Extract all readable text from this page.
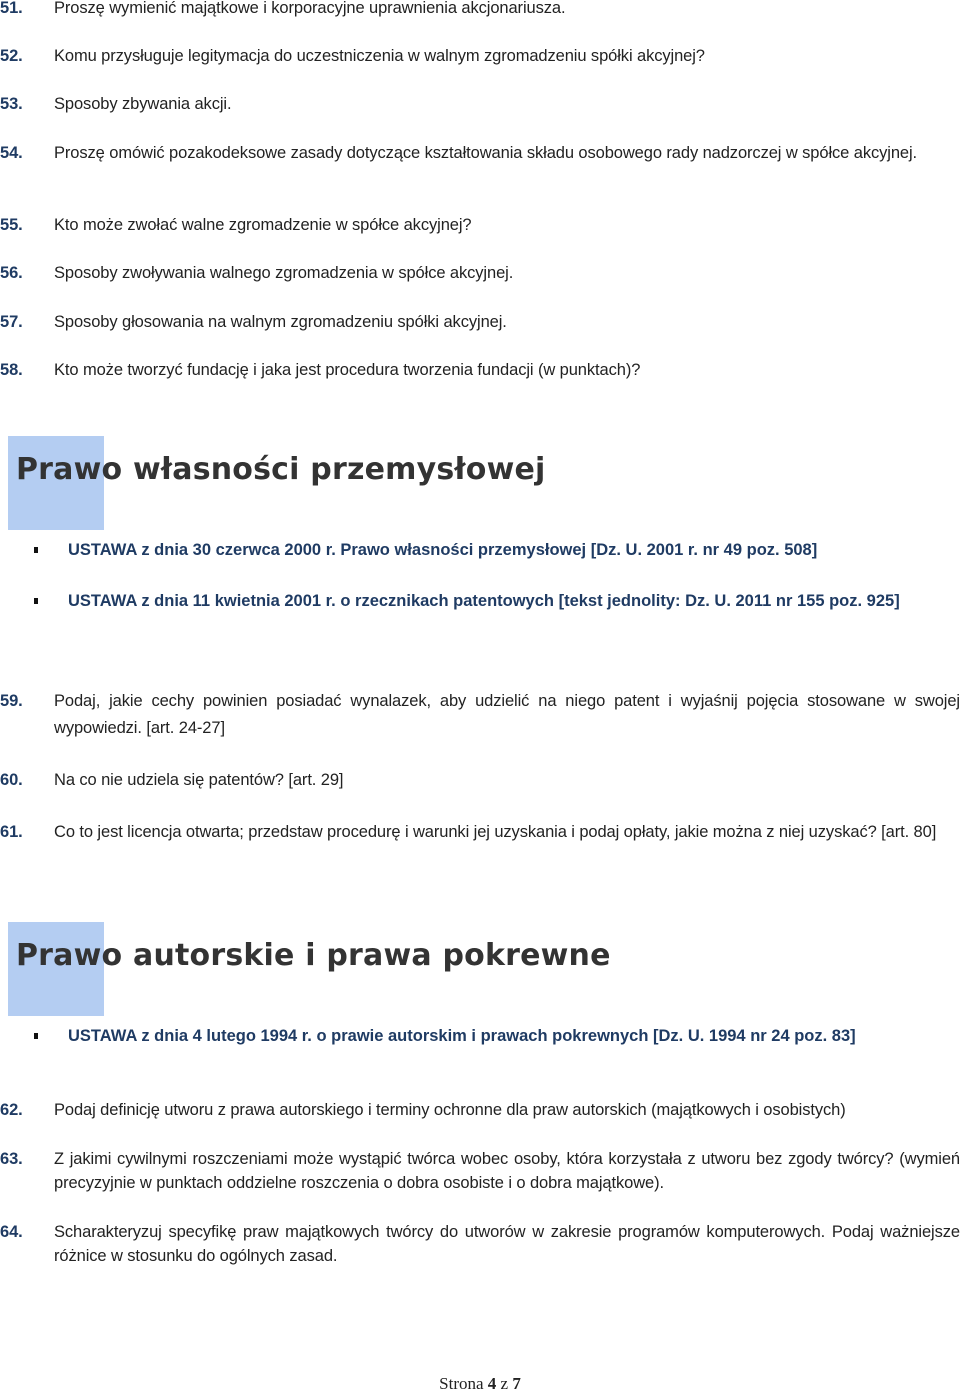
51. Proszę wymienić majątkowe i korporacyjne uprawnienia akcjonariusza.
52. Komu przysługuje legitymacja do uczestniczenia w walnym zgromadzeniu spółki akcyjnej?
53. Sposoby zbywania akcji.
54. Proszę omówić pozakodeksowe zasady dotyczące kształtowania składu osobowego rady nadzorczej w spółce akcyjnej.
55. Kto może zwołać walne zgromadzenie w spółce akcyjnej?
56. Sposoby zwoływania walnego zgromadzenia w spółce akcyjnej.
57. Sposoby głosowania na walnym zgromadzeniu spółki akcyjnej.
58. Kto może tworzyć fundację i jaka jest procedura tworzenia fundacji (w punktach)?
Prawo własności przemysłowej
USTAWA z dnia 30 czerwca 2000 r. Prawo własności przemysłowej [Dz. U. 2001 r. nr 49 poz. 508]
USTAWA z dnia 11 kwietnia 2001 r. o rzecznikach patentowych [tekst jednolity: Dz. U. 2011 nr 155 poz. 925]
59. Podaj, jakie cechy powinien posiadać wynalazek, aby udzielić na niego patent i wyjaśnij pojęcia stosowane w swojej wypowiedzi. [art. 24-27]
60. Na co nie udziela się patentów? [art. 29]
61. Co to jest licencja otwarta; przedstaw procedurę i warunki jej uzyskania i podaj opłaty, jakie można z niej uzyskać? [art. 80]
Prawo autorskie i prawa pokrewne
USTAWA z dnia 4 lutego 1994 r. o prawie autorskim i prawach pokrewnych [Dz. U. 1994 nr 24 poz. 83]
62. Podaj definicję utworu z prawa autorskiego i terminy ochronne dla praw autorskich (majątkowych i osobistych)
63. Z jakimi cywilnymi roszczeniami może wystąpić twórca wobec osoby, która korzystała z utworu bez zgody twórcy? (wymień precyzyjnie w punktach oddzielne roszczenia o dobra osobiste i o dobra majątkowe).
64. Scharakteryzuj specyfikę praw majątkowych twórcy do utworów w zakresie programów komputerowych. Podaj ważniejsze różnice w stosunku do ogólnych zasad.
Strona 4 z 7
